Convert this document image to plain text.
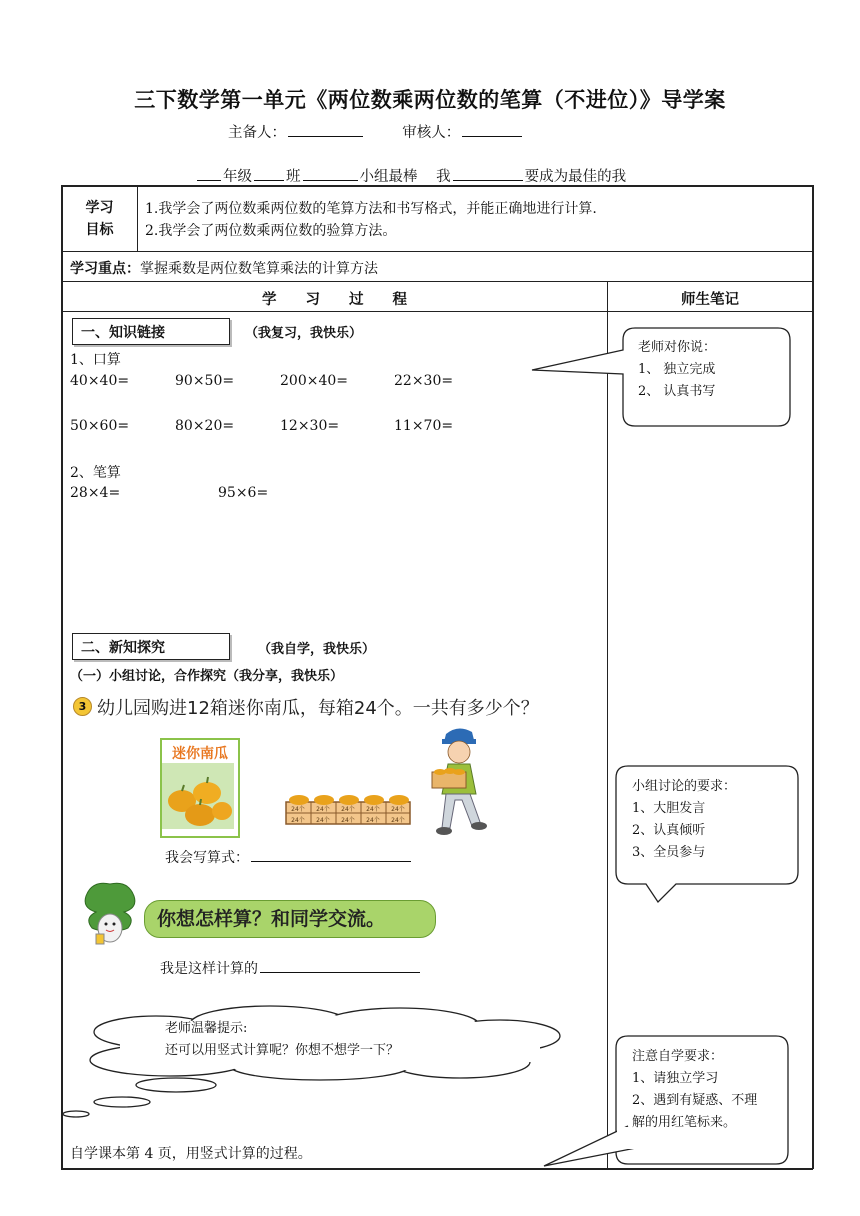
三下数学第一单元《两位数乘两位数的笔算（不进位）》导学案
主备人：	审核人：
年级 班	小组最棒 我	要成为最佳的我
学习
目标
1.我学会了两位数乘两位数的笔算方法和书写格式，并能正确地进行计算.
2.我学会了两位数乘两位数的验算方法。
学习重点：掌握乘数是两位数笔算乘法的计算方法
学　　习　　过　　程	师生笔记
一、知识链接	（我复习，我快乐）
1、口算
40×40=	90×50=	200×40=	22×30=
50×60=	80×20=	12×30=	11×70=
2、笔算
28×4=	95×6=
二、新知探究	（我自学，我快乐）
（一）小组讨论，合作探究（我分享，我快乐）
3 幼儿园购进12箱迷你南瓜，每箱24个。一共有多少个？
迷你南瓜
24个 24个 24个 24个 24个
24个 24个 24个 24个 24个
我会写算式：
你想怎样算？和同学交流。
我是这样计算的
老师温馨提示:
还可以用竖式计算呢？你想不想学一下？
自学课本第 4 页，用竖式计算的过程。
老师对你说：
1、 独立完成
2、 认真书写
小组讨论的要求：
1、大胆发言
2、认真倾听
3、全员参与
注意自学要求：
1、请独立学习
2、遇到有疑惑、不理
解的用红笔标来。
